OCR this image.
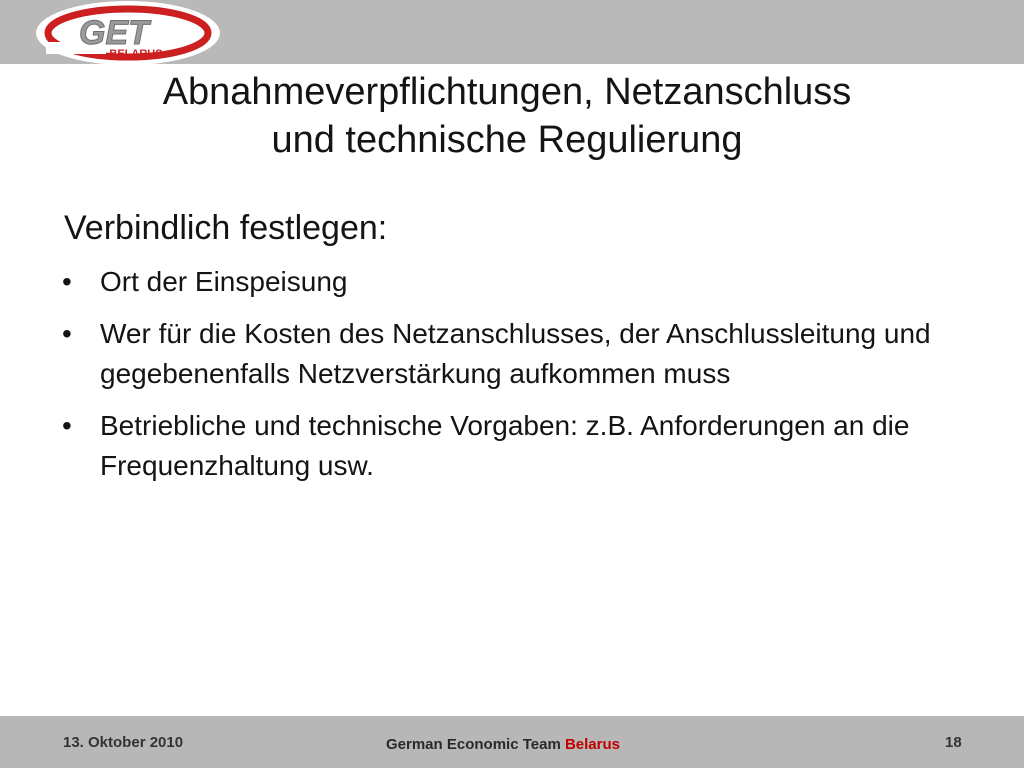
GET
BELARUS
Abnahmeverpflichtungen, Netzanschluss
und technische Regulierung
Verbindlich festlegen:
• Ort der Einspeisung
• Wer für die Kosten des Netzanschlusses, der Anschlussleitung und gegebenenfalls Netzverstärkung aufkommen muss
• Betriebliche und technische Vorgaben: z.B. Anforderungen an die Frequenzhaltung usw.
13. Oktober 2010	German Economic Team Belarus	18
